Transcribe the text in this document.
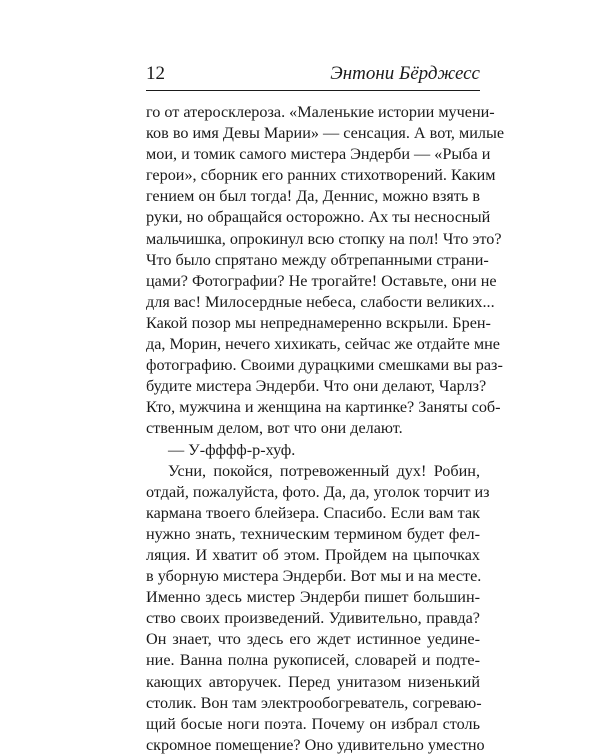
12	Энтони Бёрджесс
го от атеросклероза. «Маленькие истории мучени-
ков во имя Девы Марии» — сенсация. А вот, милые
мои, и томик самого мистера Эндерби — «Рыба и
герои», сборник его ранних стихотворений. Каким
гением он был тогда! Да, Деннис, можно взять в
руки, но обращайся осторожно. Ах ты несносный
мальчишка, опрокинул всю стопку на пол! Что это?
Что было спрятано между обтрепанными страни-
цами? Фотографии? Не трогайте! Оставьте, они не
для вас! Милосердные небеса, слабости великих...
Какой позор мы непреднамеренно вскрыли. Брен-
да, Морин, нечего хихикать, сейчас же отдайте мне
фотографию. Своими дурацкими смешками вы раз-
будите мистера Эндерби. Что они делают, Чарлз?
Кто, мужчина и женщина на картинке? Заняты соб-
ственным делом, вот что они делают.
— У-фффф-р-хуф.
Усни, покойся, потревоженный дух! Робин,
отдай, пожалуйста, фото. Да, да, уголок торчит из
кармана твоего блейзера. Спасибо. Если вам так
нужно знать, техническим термином будет фел-
ляция. И хватит об этом. Пройдем на цыпочках
в уборную мистера Эндерби. Вот мы и на месте.
Именно здесь мистер Эндерби пишет большин-
ство своих произведений. Удивительно, правда?
Он знает, что здесь его ждет истинное уедине-
ние. Ванна полна рукописей, словарей и подте-
кающих авторучек. Перед унитазом низенький
столик. Вон там электрообогреватель, согреваю-
щий босые ноги поэта. Почему он избрал столь
скромное помещение? Оно удивительно уместно
